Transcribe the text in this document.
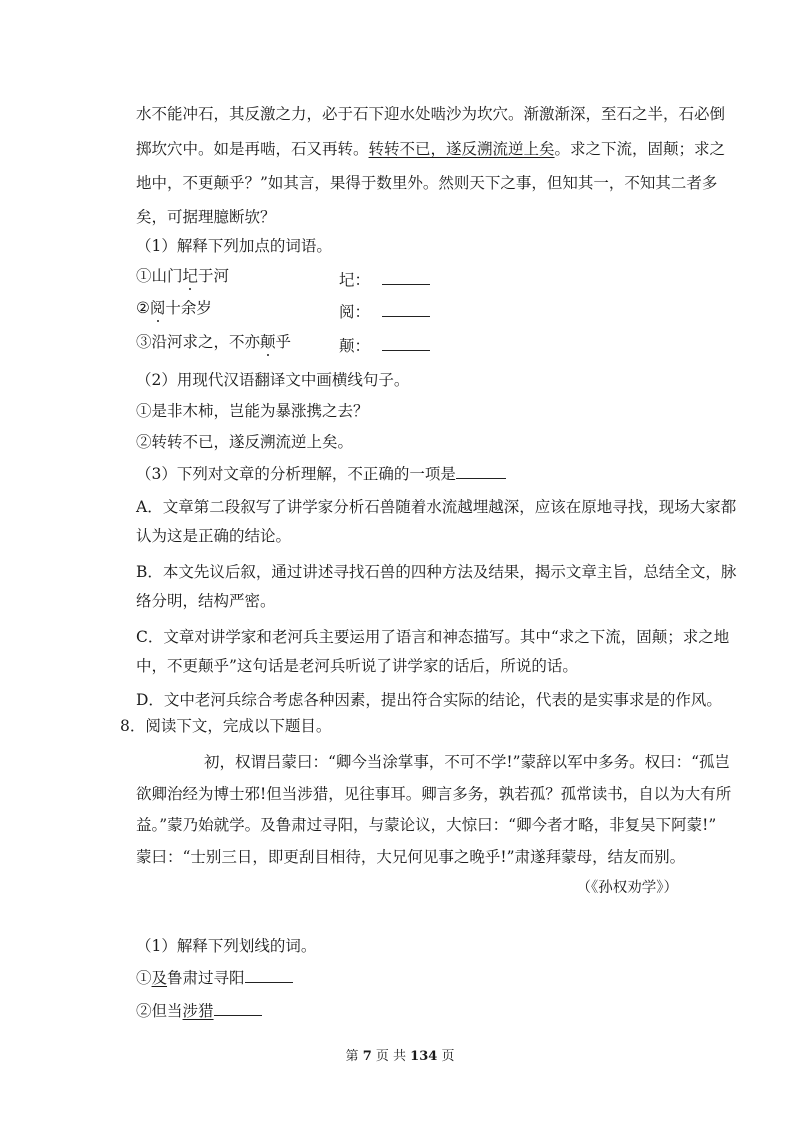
水不能冲石，其反激之力，必于石下迎水处啮沙为坎穴。渐激渐深，至石之半，石必倒
掷坎穴中。如是再啮，石又再转。转转不已，遂反溯流逆上矣。求之下流，固颠；求之
地中，不更颠乎？”如其言，果得于数里外。然则天下之事，但知其一，不知其二者多
矣，可据理臆断欤？
（1）解释下列加点的词语。
①山门圮于河	圮：
②阅十余岁	阅：
③沿河求之，不亦颠乎	颠：
（2）用现代汉语翻译文中画横线句子。
①是非木柿，岂能为暴涨携之去？
②转转不已，遂反溯流逆上矣。
（3）下列对文章的分析理解，不正确的一项是
A．文章第二段叙写了讲学家分析石兽随着水流越埋越深，应该在原地寻找，现场大家都
认为这是正确的结论。
B．本文先议后叙，通过讲述寻找石兽的四种方法及结果，揭示文章主旨，总结全文，脉
络分明，结构严密。
C．文章对讲学家和老河兵主要运用了语言和神态描写。其中“求之下流，固颠；求之地
中，不更颠乎”这句话是老河兵听说了讲学家的话后，所说的话。
D．文中老河兵综合考虑各种因素，提出符合实际的结论，代表的是实事求是的作风。
8．阅读下文，完成以下题目。
初，权谓吕蒙曰：“卿今当涂掌事，不可不学!”蒙辞以军中多务。权曰：“孤岂
欲卿治经为博士邪!但当涉猎，见往事耳。卿言多务，孰若孤？孤常读书，自以为大有所
益。”蒙乃始就学。及鲁肃过寻阳，与蒙论议，大惊曰：“卿今者才略，非复吴下阿蒙!”
蒙曰：“士别三日，即更刮目相待，大兄何见事之晚乎!”肃遂拜蒙母，结友而别。
（《孙权劝学》）
（1）解释下列划线的词。
①及鲁肃过寻阳
②但当涉猎
第 7 页 共 134 页
